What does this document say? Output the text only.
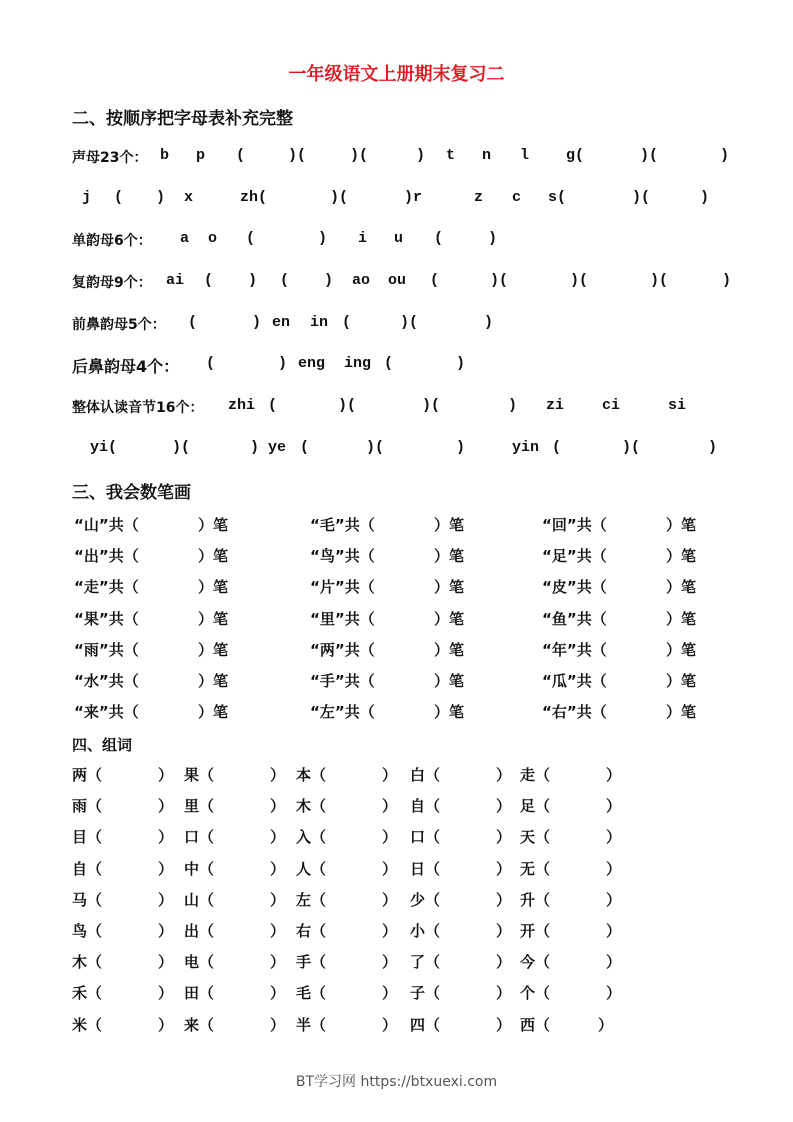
一年级语文上册期末复习二
二、按顺序把字母表补充完整
声母23个： b p (	)(	)(	) t n l g(	)(	)
j ( ) x	zh(	)(	)r	z c s(	)(	)
单韵母6个： a o (	) i u (	)
复韵母9个： ai ( ) ( ) ao ou (	)(	)(	)(	)
前鼻韵母5个： (	) en in (	)(	)
后鼻韵母4个： (	) eng ing (	)
整体认读音节16个： zhi (	)(	)(	) zi	ci	si
yi(	)(	) ye (	)(	)	yin (	)(	)
三、我会数笔画
“山”共（	）笔	“毛”共（	）笔	“回”共（	）笔
“出”共（	）笔	“鸟”共（	）笔	“足”共（	）笔
“走”共（	）笔	“片”共（	）笔	“皮”共（	）笔
“果”共（	）笔	“里”共（	）笔	“鱼”共（	）笔
“雨”共（	）笔	“两”共（	）笔	“年”共（	）笔
“水”共（	）笔	“手”共（	）笔	“瓜”共（	）笔
“来”共（	）笔	“左”共（	）笔	“右”共（	）笔
四、组词
两（	） 果（	） 本（	） 白（	） 走（	）
雨（	） 里（	） 木（	） 自（	） 足（	）
目（	） 口（	） 入（	） 口（	） 天（	）
自（	） 中（	） 人（	） 日（	） 无（	）
马（	） 山（	） 左（	） 少（	） 升（	）
鸟（	） 出（	） 右（	） 小（	） 开（	）
木（	） 电（	） 手（	） 了（	） 今（	）
禾（	） 田（	） 毛（	） 子（	） 个（	）
米（	） 来（	） 半（	） 四（	） 西（	）
BT学习网 https://btxuexi.com
